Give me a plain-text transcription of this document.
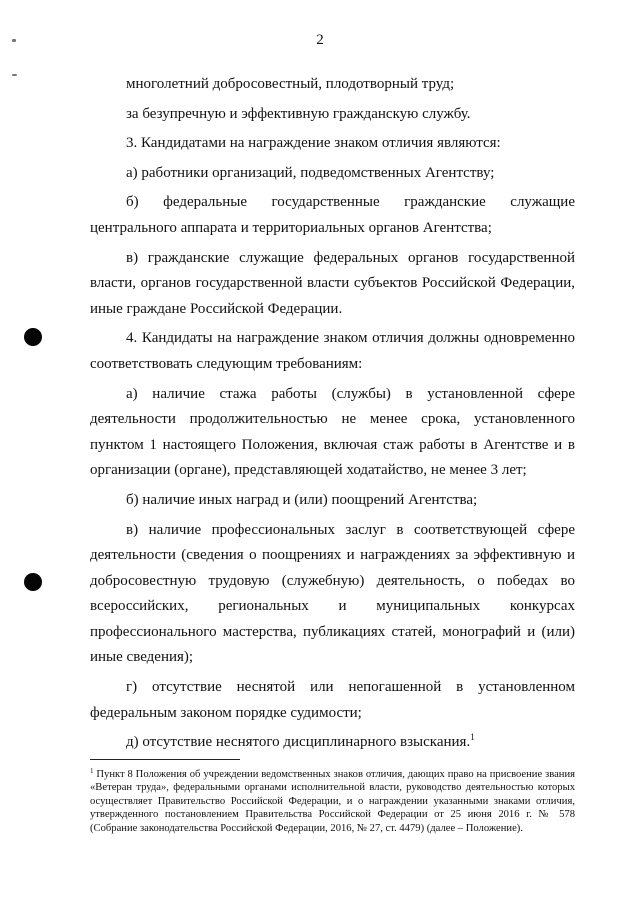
2

многолетний добросовестный, плодотворный труд;

за безупречную и эффективную гражданскую службу.

3. Кандидатами на награждение знаком отличия являются:

а) работники организаций, подведомственных Агентству;

б) федеральные государственные гражданские служащие центрального аппарата и территориальных органов Агентства;

в) гражданские служащие федеральных органов государственной власти, органов государственной власти субъектов Российской Федерации, иные граждане Российской Федерации.

4. Кандидаты на награждение знаком отличия должны одновременно соответствовать следующим требованиям:

а) наличие стажа работы (службы) в установленной сфере деятельности продолжительностью не менее срока, установленного пунктом 1 настоящего Положения, включая стаж работы в Агентстве и в организации (органе), представляющей ходатайство, не менее 3 лет;

б) наличие иных наград и (или) поощрений Агентства;

в) наличие профессиональных заслуг в соответствующей сфере деятельности (сведения о поощрениях и награждениях за эффективную и добросовестную трудовую (служебную) деятельность, о победах во всероссийских, региональных и муниципальных конкурсах профессионального мастерства, публикациях статей, монографий и (или) иные сведения);

г) отсутствие неснятой или непогашенной в установленном федеральным законом порядке судимости;

д) отсутствие неснятого дисциплинарного взыскания.$^1$

$^1$ Пункт 8 Положения об учреждении ведомственных знаков отличия, дающих право на присвоение звания «Ветеран труда», федеральными органами исполнительной власти, руководство деятельностью которых осуществляет Правительство Российской Федерации, и о награждении указанными знаками отличия, утвержденного постановлением Правительства Российской Федерации от 25 июня 2016 г. № 578 (Собрание законодательства Российской Федерации, 2016, № 27, ст. 4479) (далее – Положение).
